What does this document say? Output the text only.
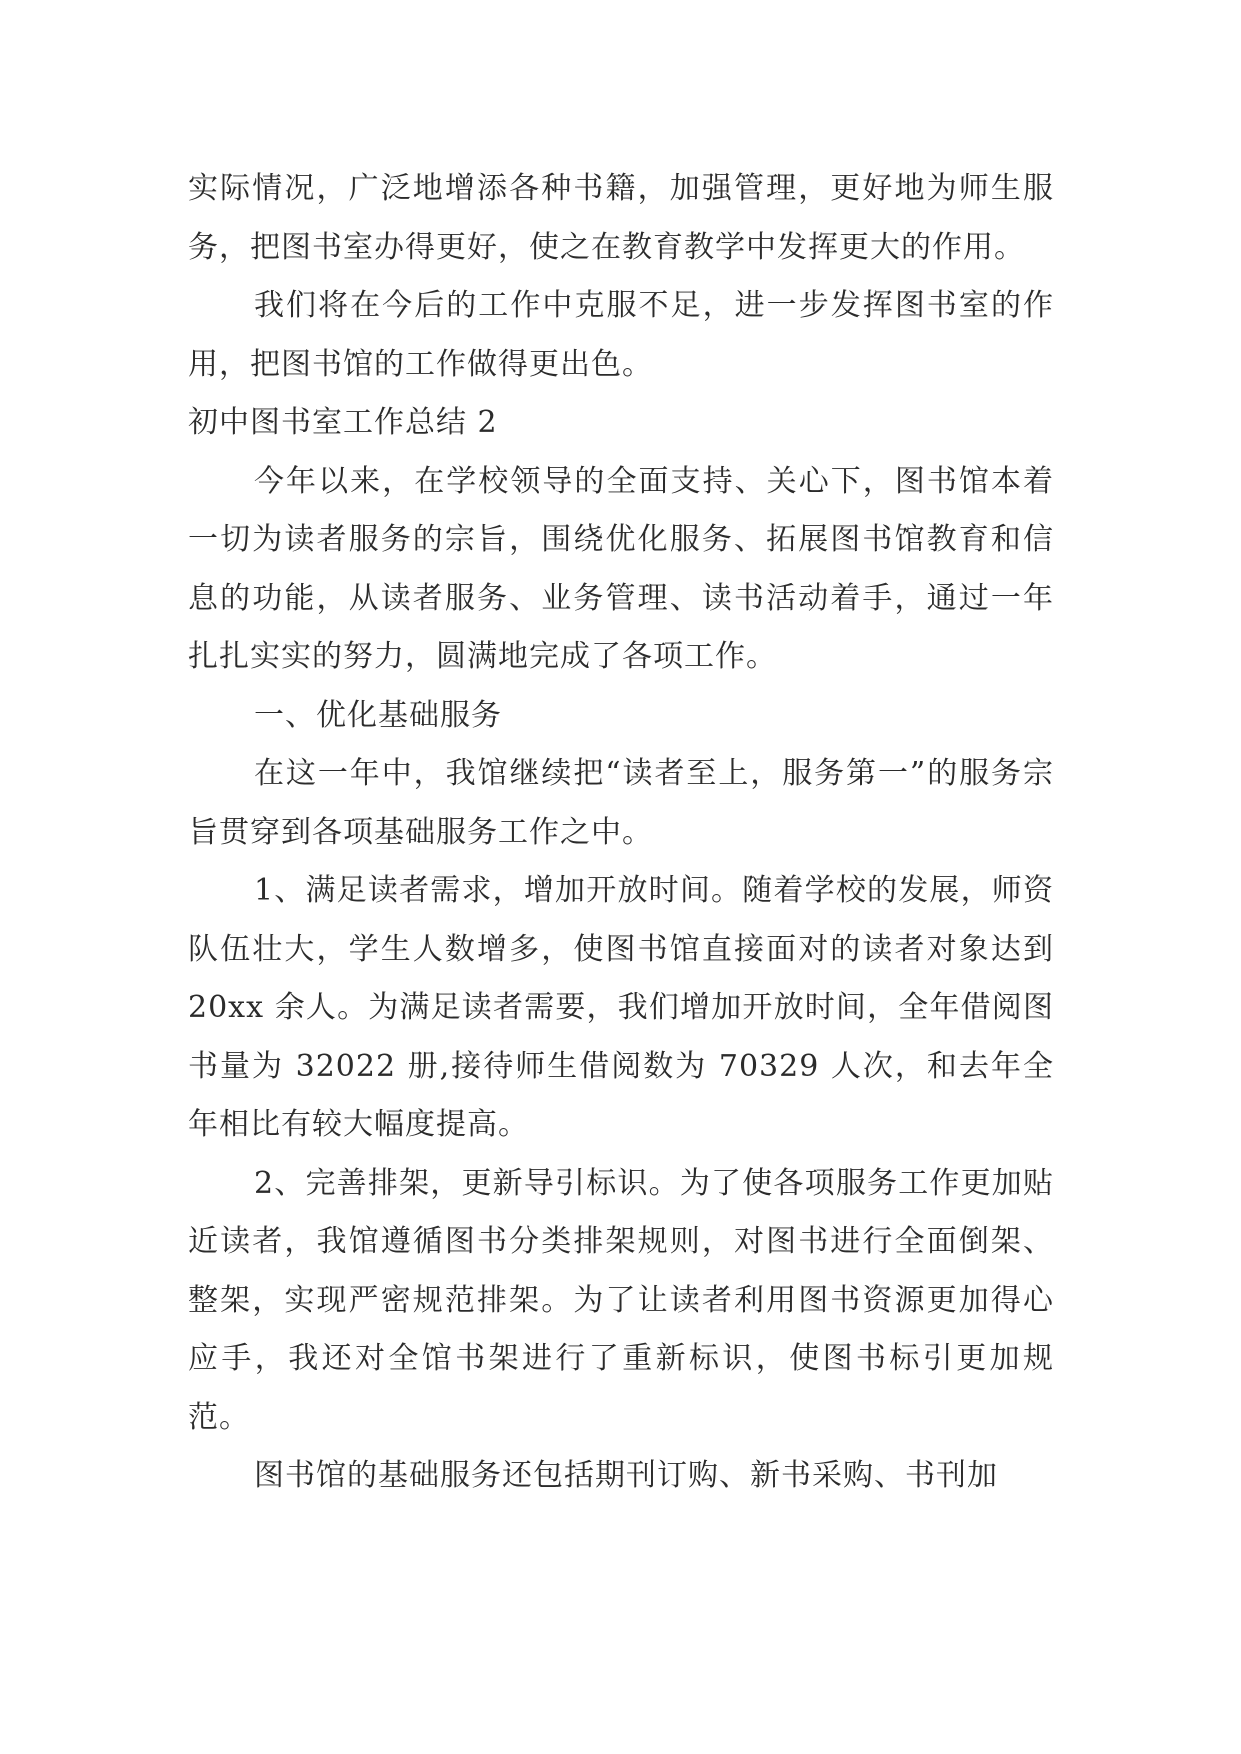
实际情况，广泛地增添各种书籍，加强管理，更好地为师生服务，把图书室办得更好，使之在教育教学中发挥更大的作用。

我们将在今后的工作中克服不足，进一步发挥图书室的作用，把图书馆的工作做得更出色。

初中图书室工作总结 2

今年以来，在学校领导的全面支持、关心下，图书馆本着一切为读者服务的宗旨，围绕优化服务、拓展图书馆教育和信息的功能，从读者服务、业务管理、读书活动着手，通过一年扎扎实实的努力，圆满地完成了各项工作。

一、优化基础服务

在这一年中，我馆继续把“读者至上，服务第一”的服务宗旨贯穿到各项基础服务工作之中。

1、满足读者需求，增加开放时间。随着学校的发展，师资队伍壮大，学生人数增多，使图书馆直接面对的读者对象达到 20xx 余人。为满足读者需要，我们增加开放时间，全年借阅图书量为 32022 册,接待师生借阅数为 70329 人次，和去年全年相比有较大幅度提高。

2、完善排架，更新导引标识。为了使各项服务工作更加贴近读者，我馆遵循图书分类排架规则，对图书进行全面倒架、整架，实现严密规范排架。为了让读者利用图书资源更加得心应手，我还对全馆书架进行了重新标识，使图书标引更加规范。

图书馆的基础服务还包括期刊订购、新书采购、书刊加
